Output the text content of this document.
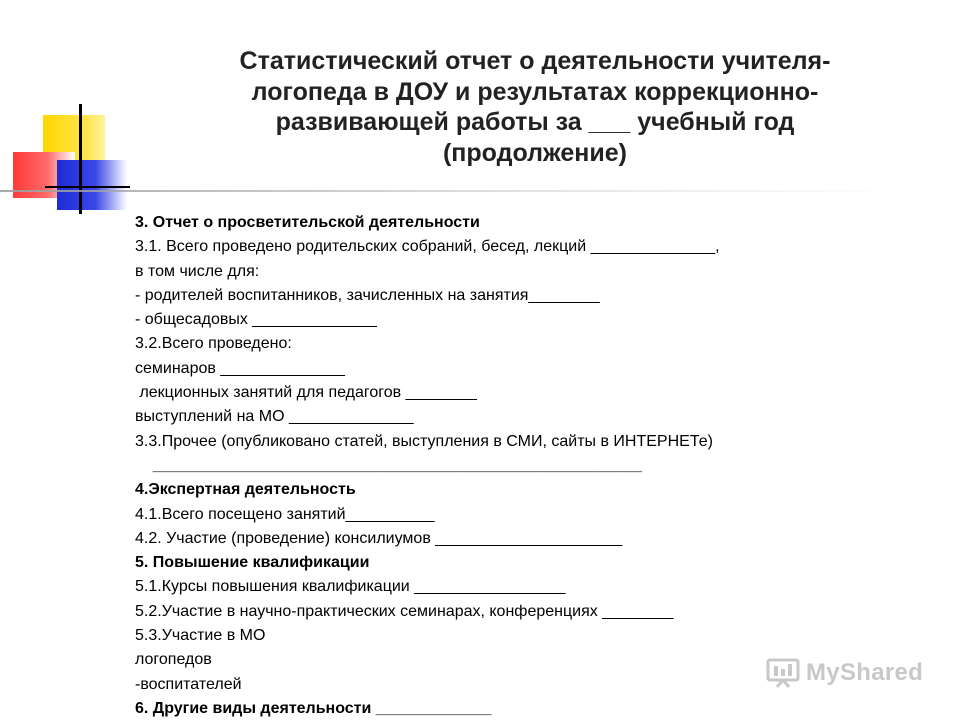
Статистический отчет о деятельности учителя-
логопеда в ДОУ и результатах коррекционно-
развивающей работы за ___ учебный год
(продолжение)
3. Отчет о просветительской деятельности
3.1. Всего проведено родительских собраний, бесед, лекций ______________,
в том числе для:
- родителей воспитанников, зачисленных на занятия________
- общесадовых ______________
3.2.Всего проведено:
семинаров ______________
лекционных занятий для педагогов ________
выступлений на МО ______________
3.3.Прочее (опубликовано статей, выступления в СМИ, сайты в ИНТЕРНЕТе)
_______________________________________________________
4.Экспертная деятельность
4.1.Всего посещено занятий__________
4.2. Участие (проведение) консилиумов _____________________
5. Повышение квалификации
5.1.Курсы повышения квалификации _________________
5.2.Участие в научно-практических семинарах, конференциях ________
5.3.Участие в МО
логопедов
-воспитателей
6. Другие виды деятельности _____________
MyShared
